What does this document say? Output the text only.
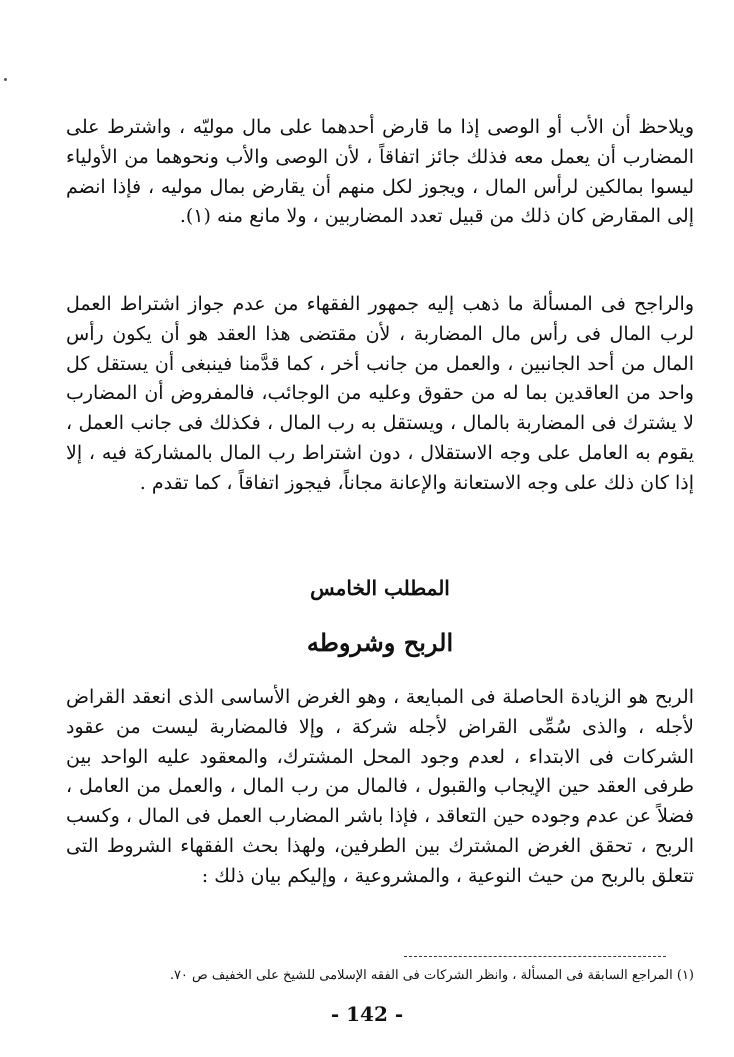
ويلاحظ أن الأب أو الوصى إذا ما قارض أحدهما على مال موليّه ، واشترط على المضارب أن يعمل معه فذلك جائز اتفاقاً ، لأن الوصى والأب ونحوهما من الأولياء ليسوا بمالكين لرأس المال ، ويجوز لكل منهم أن يقارض بمال موليه ، فإذا انضم إلى المقارض كان ذلك من قبيل تعدد المضاربين ، ولا مانع منه (١).

والراجح فى المسألة ما ذهب إليه جمهور الفقهاء من عدم جواز اشتراط العمل لرب المال فى رأس مال المضاربة ، لأن مقتضى هذا العقد هو أن يكون رأس المال من أحد الجانبين ، والعمل من جانب أخر ، كما قدَّمنا فينبغى أن يستقل كل واحد من العاقدين بما له من حقوق وعليه من الوجائب، فالمفروض أن المضارب لا يشترك فى المضاربة بالمال ، ويستقل به رب المال ، فكذلك فى جانب العمل ، يقوم به العامل على وجه الاستقلال ، دون اشتراط رب المال بالمشاركة فيه ، إلا إذا كان ذلك على وجه الاستعانة والإعانة مجاناً، فيجوز اتفاقاً ، كما تقدم .

المطلب الخامس
الربح وشروطه

الربح هو الزيادة الحاصلة فى المبايعة ، وهو الغرض الأساسى الذى انعقد القراض لأجله ، والذى سُمِّى القراض لأجله شركة ، وإلا فالمضاربة ليست من عقود الشركات فى الابتداء ، لعدم وجود المحل المشترك، والمعقود عليه الواحد بين طرفى العقد حين الإيجاب والقبول ، فالمال من رب المال ، والعمل من العامل ، فضلاً عن عدم وجوده حين التعاقد ، فإذا باشر المضارب العمل فى المال ، وكسب الربح ، تحقق الغرض المشترك بين الطرفين، ولهذا بحث الفقهاء الشروط التى تتعلق بالربح من حيث النوعية ، والمشروعية ، وإليكم بيان ذلك :

(١) المراجع السابقة فى المسألة ، وانظر الشركات فى الفقه الإسلامى للشيخ على الخفيف ص ٧٠.

- 142 -
